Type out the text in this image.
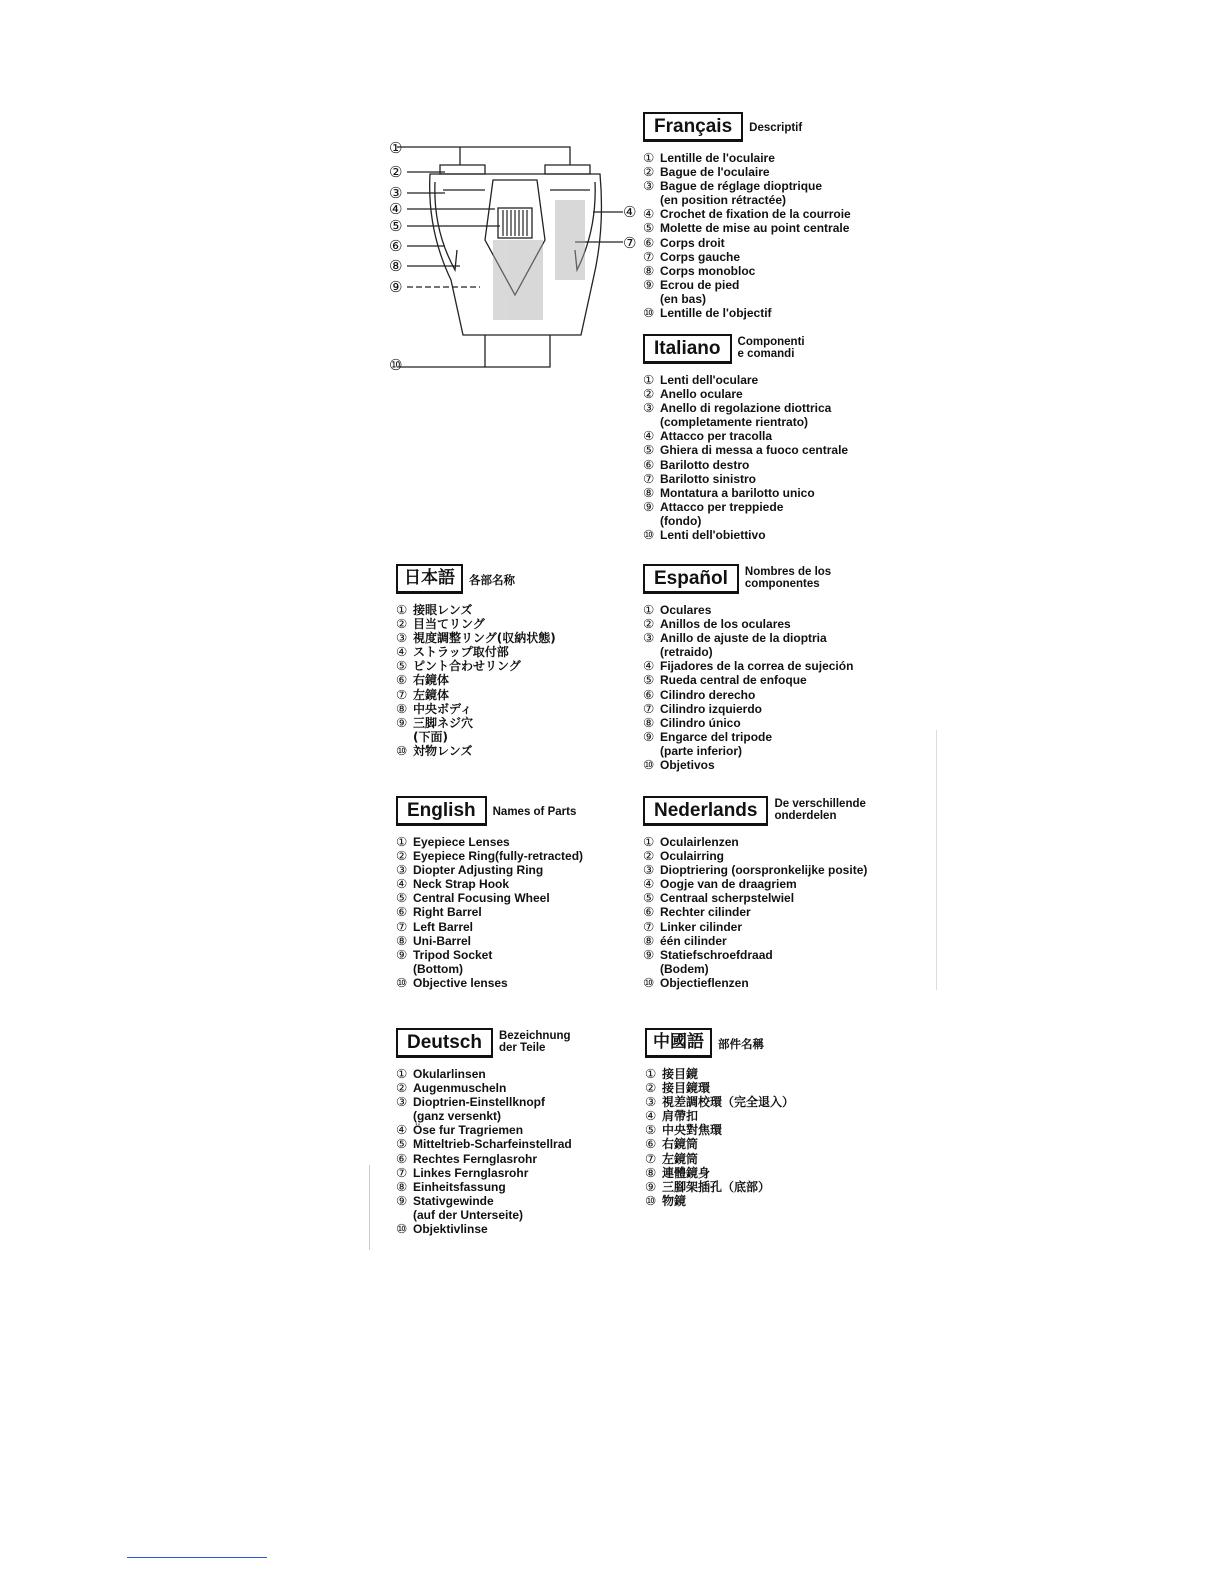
①
②
③
④
⑤
⑥
⑧
⑨
⑩
④
⑦
Français	Descriptif
① Lentille de l'oculaire
② Bague de l'oculaire
③ Bague de réglage dioptrique
(en position rétractée)
④ Crochet de fixation de la courroie
⑤ Molette de mise au point centrale
⑥ Corps droit
⑦ Corps gauche
⑧ Corps monobloc
⑨ Ecrou de pied
(en bas)
⑩ Lentille de l'objectif
Italiano	Componenti
e comandi
① Lenti dell'oculare
② Anello oculare
③ Anello di regolazione diottrica
(completamente rientrato)
④ Attacco per tracolla
⑤ Ghiera di messa a fuoco centrale
⑥ Barilotto destro
⑦ Barilotto sinistro
⑧ Montatura a barilotto unico
⑨ Attacco per treppiede
(fondo)
⑩ Lenti dell'obiettivo
日本語	各部名称
① 接眼レンズ
② 目当てリング
③ 視度調整リング(収納状態)
④ ストラップ取付部
⑤ ピント合わせリング
⑥ 右鏡体
⑦ 左鏡体
⑧ 中央ボディ
⑨ 三脚ネジ穴
(下面)
⑩ 対物レンズ
Español	Nombres de los
componentes
① Oculares
② Anillos de los oculares
③ Anillo de ajuste de la dioptria
(retraido)
④ Fijadores de la correa de sujeción
⑤ Rueda central de enfoque
⑥ Cilindro derecho
⑦ Cilindro izquierdo
⑧ Cilindro único
⑨ Engarce del tripode
(parte inferior)
⑩ Objetivos
English	Names of Parts
① Eyepiece Lenses
② Eyepiece Ring(fully-retracted)
③ Diopter Adjusting Ring
④ Neck Strap Hook
⑤ Central Focusing Wheel
⑥ Right Barrel
⑦ Left Barrel
⑧ Uni-Barrel
⑨ Tripod Socket
(Bottom)
⑩ Objective lenses
Nederlands	De verschillende
onderdelen
① Oculairlenzen
② Oculairring
③ Dioptriering (oorspronkelijke posite)
④ Oogje van de draagriem
⑤ Centraal scherpstelwiel
⑥ Rechter cilinder
⑦ Linker cilinder
⑧ één cilinder
⑨ Statiefschroefdraad
(Bodem)
⑩ Objectieflenzen
Deutsch	Bezeichnung
der Teile
① Okularlinsen
② Augenmuscheln
③ Dioptrien-Einstellknopf
(ganz versenkt)
④ Öse fur Tragriemen
⑤ Mitteltrieb-Scharfeinstellrad
⑥ Rechtes Fernglasrohr
⑦ Linkes Fernglasrohr
⑧ Einheitsfassung
⑨ Stativgewinde
(auf der Unterseite)
⑩ Objektivlinse
中國語	部件名稱
① 接目鏡
② 接目鏡環
③ 視差調校環（完全退入）
④ 肩帶扣
⑤ 中央對焦環
⑥ 右鏡筒
⑦ 左鏡筒
⑧ 連體鏡身
⑨ 三腳架插孔（底部）
⑩ 物鏡
